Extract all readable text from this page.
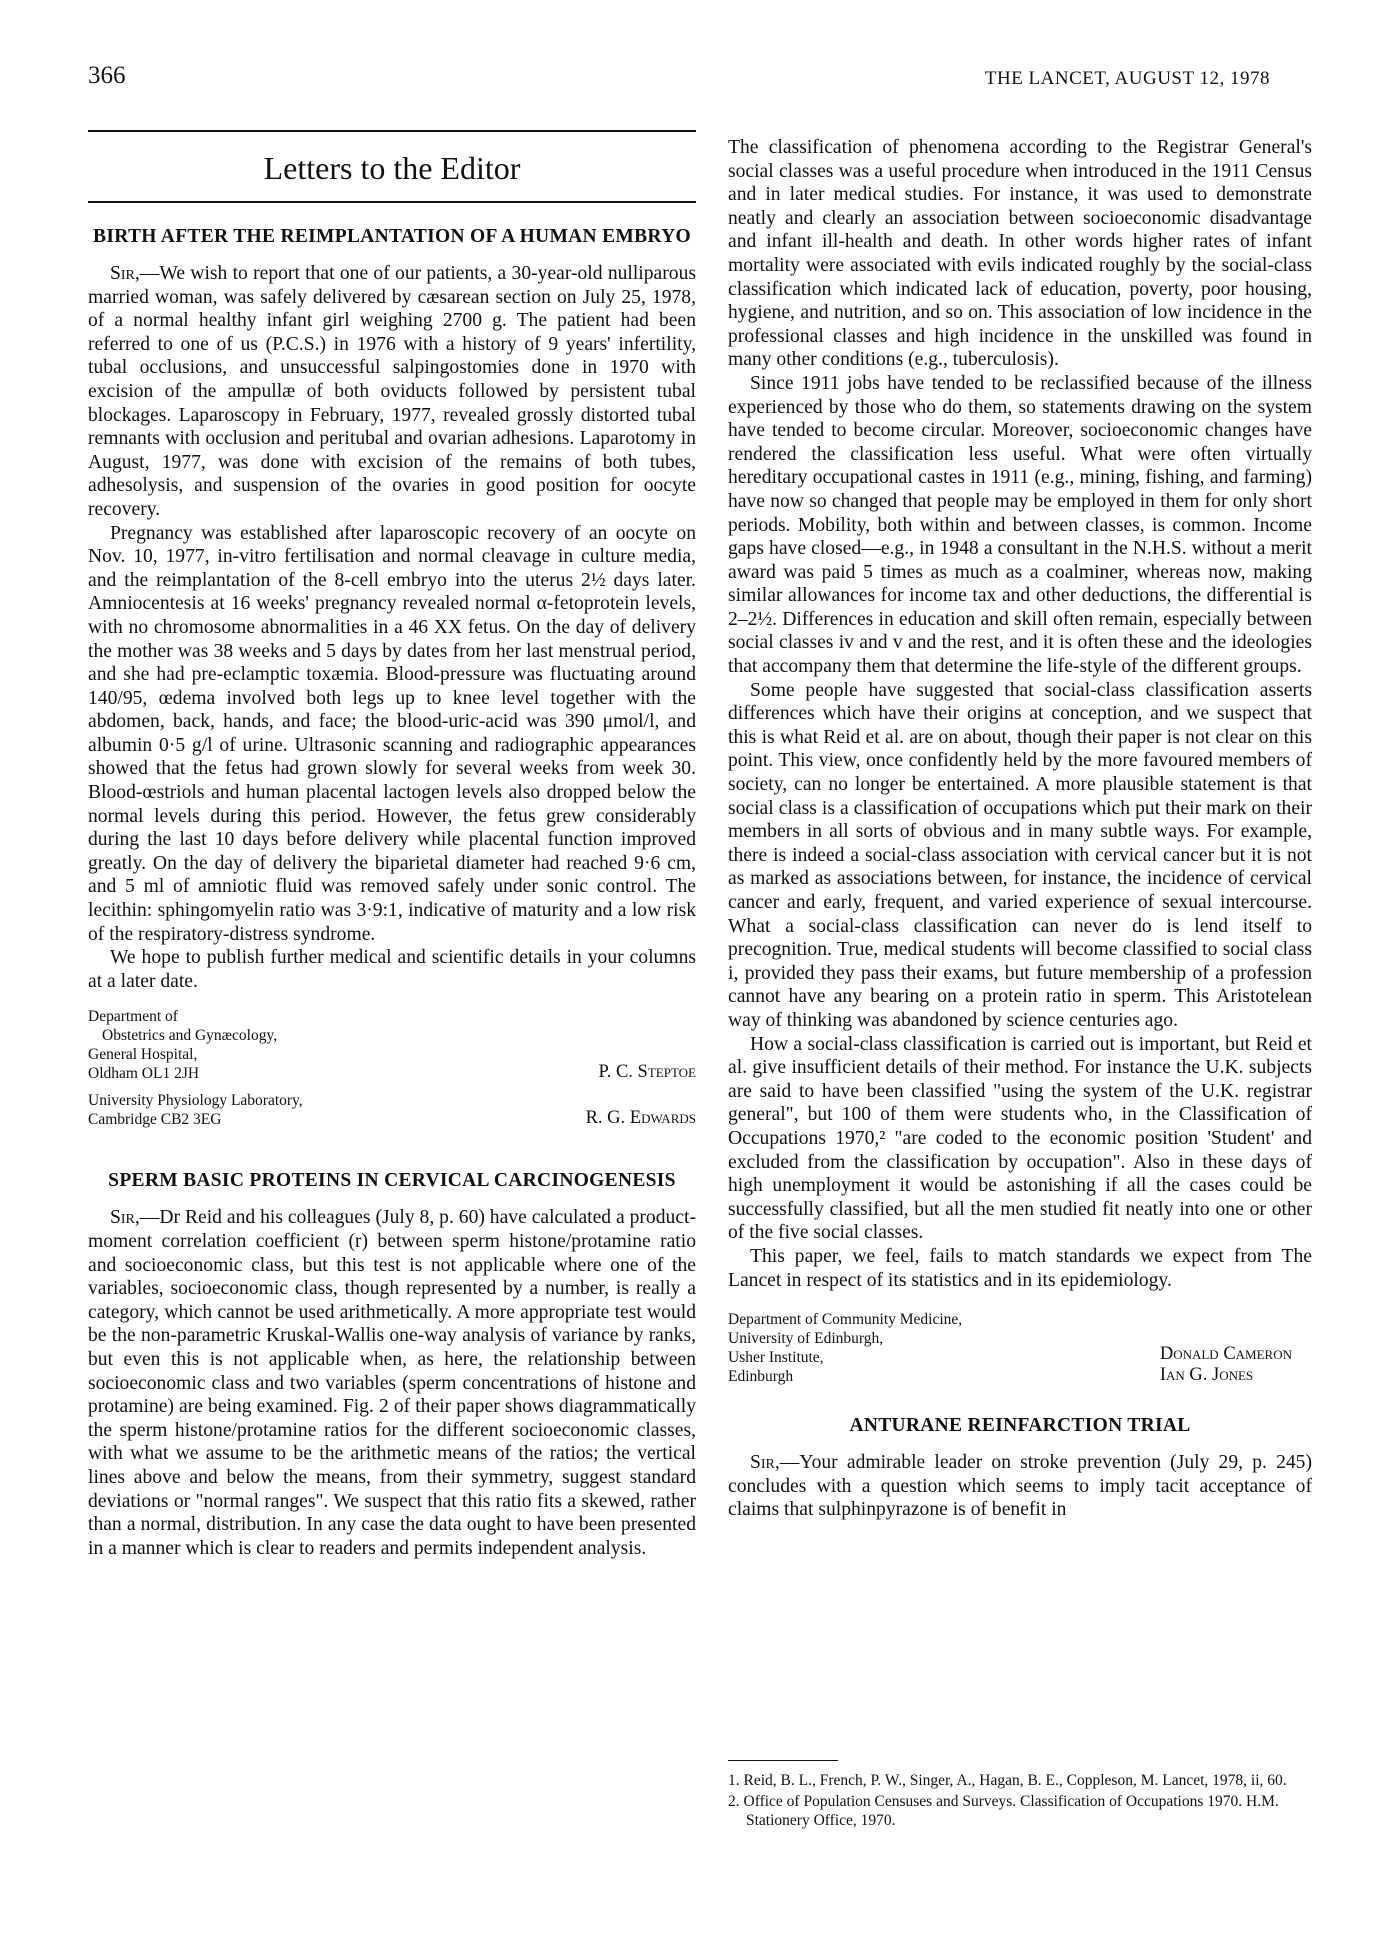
366	THE LANCET, AUGUST 12, 1978
Letters to the Editor
BIRTH AFTER THE REIMPLANTATION OF A HUMAN EMBRYO

Sir,—We wish to report that one of our patients, a 30-year-old nulliparous married woman, was safely delivered by cæsarean section on July 25, 1978, of a normal healthy infant girl weighing 2700 g. The patient had been referred to one of us (P.C.S.) in 1976 with a history of 9 years' infertility, tubal occlusions, and unsuccessful salpingostomies done in 1970 with excision of the ampullæ of both oviducts followed by persistent tubal blockages. Laparoscopy in February, 1977, revealed grossly distorted tubal remnants with occlusion and peritubal and ovarian adhesions. Laparotomy in August, 1977, was done with excision of the remains of both tubes, adhesolysis, and suspension of the ovaries in good position for oocyte recovery.

Pregnancy was established after laparoscopic recovery of an oocyte on Nov. 10, 1977, in-vitro fertilisation and normal cleavage in culture media, and the reimplantation of the 8-cell embryo into the uterus 2½ days later. Amniocentesis at 16 weeks' pregnancy revealed normal α-fetoprotein levels, with no chromosome abnormalities in a 46 XX fetus. On the day of delivery the mother was 38 weeks and 5 days by dates from her last menstrual period, and she had pre-eclamptic toxæmia. Blood-pressure was fluctuating around 140/95, œdema involved both legs up to knee level together with the abdomen, back, hands, and face; the blood-uric-acid was 390 μmol/l, and albumin 0·5 g/l of urine. Ultrasonic scanning and radiographic appearances showed that the fetus had grown slowly for several weeks from week 30. Blood-œstriols and human placental lactogen levels also dropped below the normal levels during this period. However, the fetus grew considerably during the last 10 days before delivery while placental function improved greatly. On the day of delivery the biparietal diameter had reached 9·6 cm, and 5 ml of amniotic fluid was removed safely under sonic control. The lecithin: sphingomyelin ratio was 3·9:1, indicative of maturity and a low risk of the respiratory-distress syndrome.

We hope to publish further medical and scientific details in your columns at a later date.

Department of
Obstetrics and Gynæcology,
General Hospital,
Oldham OL1 2JH	P. C. Steptoe
University Physiology Laboratory,
Cambridge CB2 3EG	R. G. Edwards
SPERM BASIC PROTEINS IN CERVICAL CARCINOGENESIS

Sir,—Dr Reid and his colleagues (July 8, p. 60) have calculated a product-moment correlation coefficient (r) between sperm histone/protamine ratio and socioeconomic class, but this test is not applicable where one of the variables, socioeconomic class, though represented by a number, is really a category, which cannot be used arithmetically. A more appropriate test would be the non-parametric Kruskal-Wallis one-way analysis of variance by ranks, but even this is not applicable when, as here, the relationship between socioeconomic class and two variables (sperm concentrations of histone and protamine) are being examined. Fig. 2 of their paper shows diagrammatically the sperm histone/protamine ratios for the different socioeconomic classes, with what we assume to be the arithmetic means of the ratios; the vertical lines above and below the means, from their symmetry, suggest standard deviations or "normal ranges". We suspect that this ratio fits a skewed, rather than a normal, distribution. In any case the data ought to have been presented in a manner which is clear to readers and permits independent analysis.

The classification of phenomena according to the Registrar General's social classes was a useful procedure when introduced in the 1911 Census and in later medical studies. For instance, it was used to demonstrate neatly and clearly an association between socioeconomic disadvantage and infant ill-health and death. In other words higher rates of infant mortality were associated with evils indicated roughly by the social-class classification which indicated lack of education, poverty, poor housing, hygiene, and nutrition, and so on. This association of low incidence in the professional classes and high incidence in the unskilled was found in many other conditions (e.g., tuberculosis).

Since 1911 jobs have tended to be reclassified because of the illness experienced by those who do them, so statements drawing on the system have tended to become circular. Moreover, socioeconomic changes have rendered the classification less useful. What were often virtually hereditary occupational castes in 1911 (e.g., mining, fishing, and farming) have now so changed that people may be employed in them for only short periods. Mobility, both within and between classes, is common. Income gaps have closed—e.g., in 1948 a consultant in the N.H.S. without a merit award was paid 5 times as much as a coalminer, whereas now, making similar allowances for income tax and other deductions, the differential is 2–2½. Differences in education and skill often remain, especially between social classes iv and v and the rest, and it is often these and the ideologies that accompany them that determine the life-style of the different groups.

Some people have suggested that social-class classification asserts differences which have their origins at conception, and we suspect that this is what Reid et al. are on about, though their paper is not clear on this point. This view, once confidently held by the more favoured members of society, can no longer be entertained. A more plausible statement is that social class is a classification of occupations which put their mark on their members in all sorts of obvious and in many subtle ways. For example, there is indeed a social-class association with cervical cancer but it is not as marked as associations between, for instance, the incidence of cervical cancer and early, frequent, and varied experience of sexual intercourse. What a social-class classification can never do is lend itself to precognition. True, medical students will become classified to social class i, provided they pass their exams, but future membership of a profession cannot have any bearing on a protein ratio in sperm. This Aristotelean way of thinking was abandoned by science centuries ago.

How a social-class classification is carried out is important, but Reid et al. give insufficient details of their method. For instance the U.K. subjects are said to have been classified "using the system of the U.K. registrar general", but 100 of them were students who, in the Classification of Occupations 1970,² "are coded to the economic position 'Student' and excluded from the classification by occupation". Also in these days of high unemployment it would be astonishing if all the cases could be successfully classified, but all the men studied fit neatly into one or other of the five social classes.

This paper, we feel, fails to match standards we expect from The Lancet in respect of its statistics and in its epidemiology.

Department of Community Medicine,
University of Edinburgh,
Usher Institute,
Edinburgh
Donald Cameron
Ian G. Jones
ANTURANE REINFARCTION TRIAL

Sir,—Your admirable leader on stroke prevention (July 29, p. 245) concludes with a question which seems to imply tacit acceptance of claims that sulphinpyrazone is of benefit in

1. Reid, B. L., French, P. W., Singer, A., Hagan, B. E., Coppleson, M. Lancet, 1978, ii, 60.

2. Office of Population Censuses and Surveys. Classification of Occupations 1970. H.M. Stationery Office, 1970.
